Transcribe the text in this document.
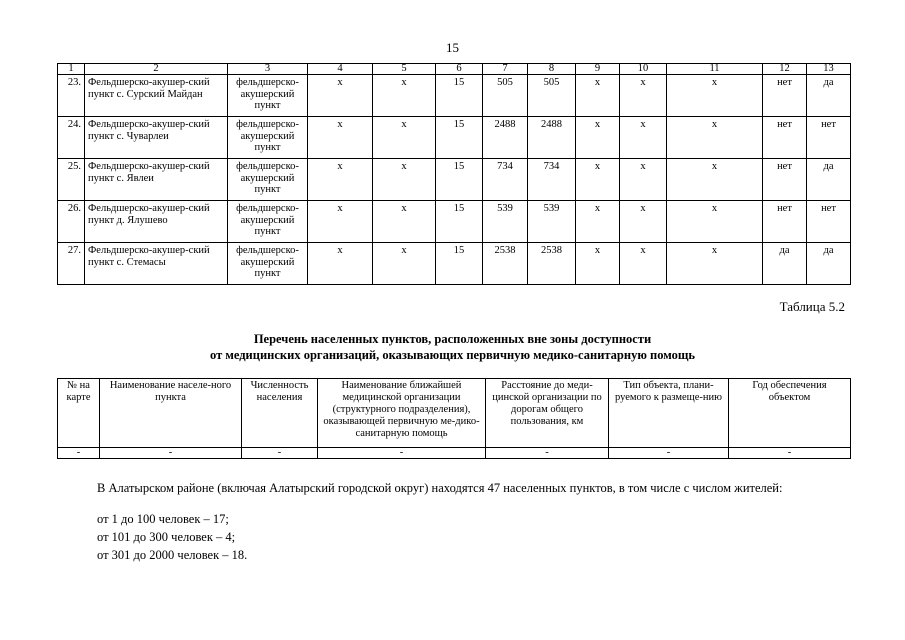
15
1	2	3	4	5	6	7	8	9	10	11	12	13
23.	Фельдшерско-акушер-ский пункт с. Сурский Майдан	фельдшерско-акушерский пункт	х	х	15	505	505	х	х	х	нет	да
24.	Фельдшерско-акушер-ский пункт с. Чуварлеи	фельдшерско-акушерский пункт	х	х	15	2488	2488	х	х	х	нет	нет
25.	Фельдшерско-акушер-ский пункт с. Явлеи	фельдшерско-акушерский пункт	х	х	15	734	734	х	х	х	нет	да
26.	Фельдшерско-акушер-ский пункт д. Ялушево	фельдшерско-акушерский пункт	х	х	15	539	539	х	х	х	нет	нет
27.	Фельдшерско-акушер-ский пункт с. Стемасы	фельдшерско-акушерский пункт	х	х	15	2538	2538	х	х	х	да	да
Таблица 5.2
Перечень населенных пунктов, расположенных вне зоны доступности
от медицинских организаций, оказывающих первичную медико-санитарную помощь
№ на карте	Наименование населе-ного пункта	Численность населения	Наименование ближайшей медицинской организации (структурного подразделения), оказывающей первичную ме-дико-санитарную помощь	Расстояние до меди-цинской организации по дорогам общего пользования, км	Тип объекта, плани-руемого к размеще-нию	Год обеспечения объектом
-	-	-	-	-	-	-
В Алатырском районе (включая Алатырский городской округ) находятся 47 населенных пунктов, в том числе с числом жителей:
от 1 до 100 человек – 17;
от 101 до 300 человек – 4;
от 301 до 2000 человек – 18.
